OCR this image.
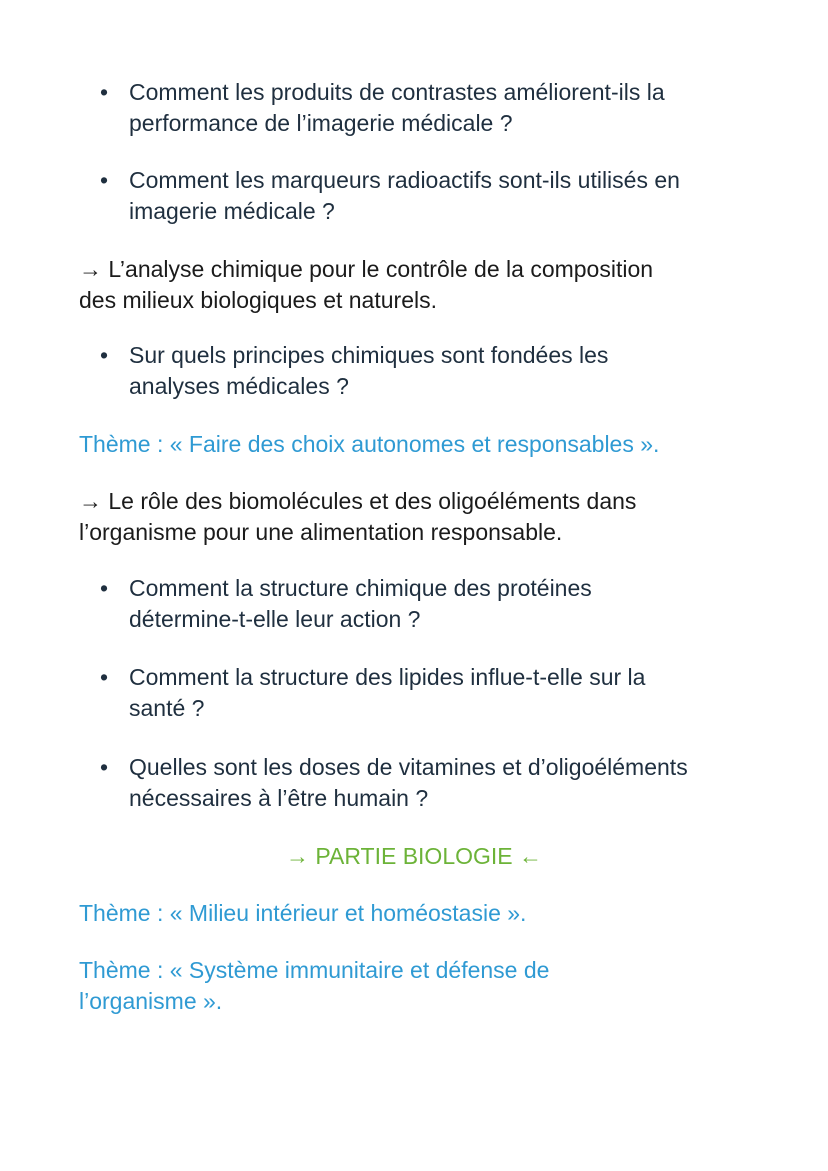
• Comment les produits de contrastes améliorent-ils la
performance de l’imagerie médicale ?
• Comment les marqueurs radioactifs sont-ils utilisés en
imagerie médicale ?
→ L’analyse chimique pour le contrôle de la composition
des milieux biologiques et naturels.
• Sur quels principes chimiques sont fondées les
analyses médicales ?
Thème : « Faire des choix autonomes et responsables ».
→ Le rôle des biomolécules et des oligoéléments dans
l’organisme pour une alimentation responsable.
• Comment la structure chimique des protéines
détermine-t-elle leur action ?
• Comment la structure des lipides influe-t-elle sur la
santé ?
• Quelles sont les doses de vitamines et d’oligoéléments
nécessaires à l’être humain ?
→ PARTIE BIOLOGIE ←
Thème : « Milieu intérieur et homéostasie ».
Thème : « Système immunitaire et défense de
l’organisme ».
